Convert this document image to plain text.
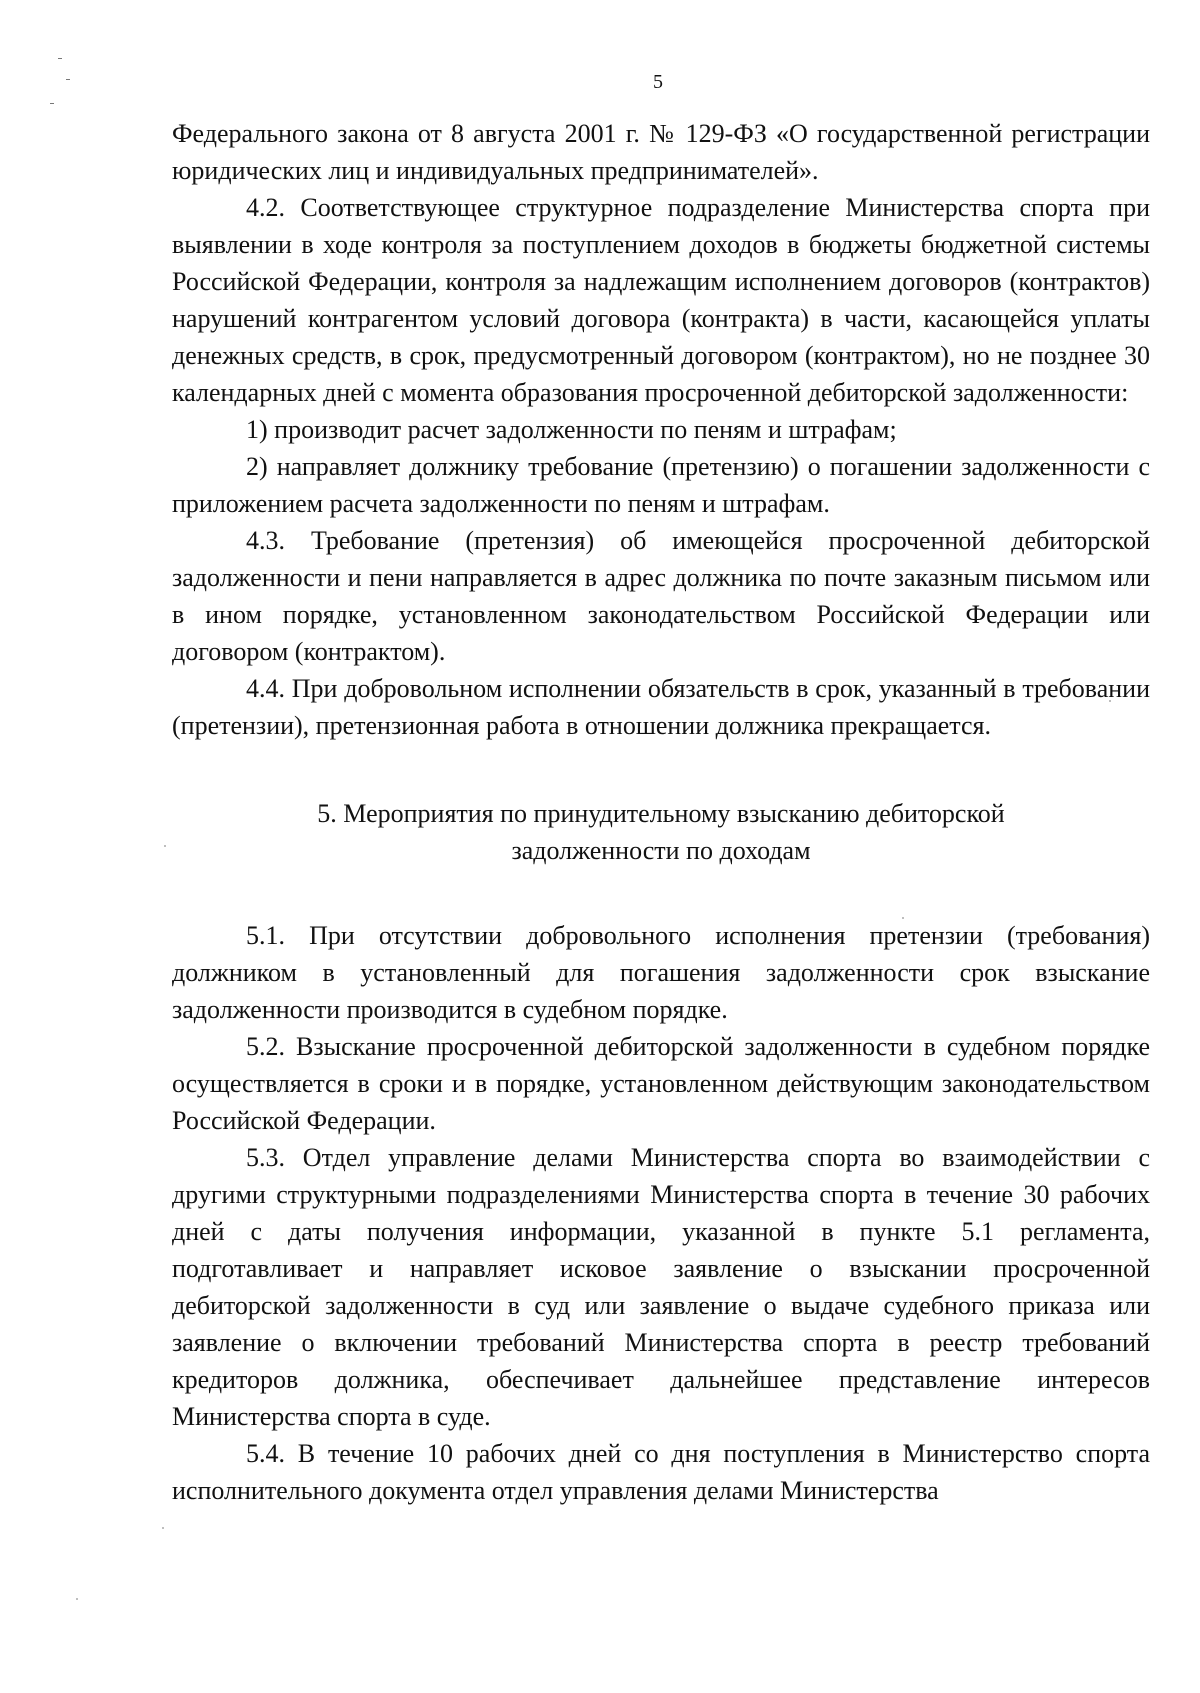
5

Федерального закона от 8 августа 2001 г. № 129-ФЗ «О государственной регистрации юридических лиц и индивидуальных предпринимателей».

4.2. Соответствующее структурное подразделение Министерства спорта при выявлении в ходе контроля за поступлением доходов в бюджеты бюджетной системы Российской Федерации, контроля за надлежащим исполнением договоров (контрактов) нарушений контрагентом условий договора (контракта) в части, касающейся уплаты денежных средств, в срок, предусмотренный договором (контрактом), но не позднее 30 календарных дней с момента образования просроченной дебиторской задолженности:

1) производит расчет задолженности по пеням и штрафам;

2) направляет должнику требование (претензию) о погашении задолженности с приложением расчета задолженности по пеням и штрафам.

4.3. Требование (претензия) об имеющейся просроченной дебиторской задолженности и пени направляется в адрес должника по почте заказным письмом или в ином порядке, установленном законодательством Российской Федерации или договором (контрактом).

4.4. При добровольном исполнении обязательств в срок, указанный в требовании (претензии), претензионная работа в отношении должника прекращается.

5. Мероприятия по принудительному взысканию дебиторской
задолженности по доходам

5.1. При отсутствии добровольного исполнения претензии (требования) должником в установленный для погашения задолженности срок взыскание задолженности производится в судебном порядке.

5.2. Взыскание просроченной дебиторской задолженности в судебном порядке осуществляется в сроки и в порядке, установленном действующим законодательством Российской Федерации.

5.3. Отдел управление делами Министерства спорта во взаимодействии с другими структурными подразделениями Министерства спорта в течение 30 рабочих дней с даты получения информации, указанной в пункте 5.1 регламента, подготавливает и направляет исковое заявление о взыскании просроченной дебиторской задолженности в суд или заявление о выдаче судебного приказа или заявление о включении требований Министерства спорта в реестр требований кредиторов должника, обеспечивает дальнейшее представление интересов Министерства спорта в суде.

5.4. В течение 10 рабочих дней со дня поступления в Министерство спорта исполнительного документа отдел управления делами Министерства
